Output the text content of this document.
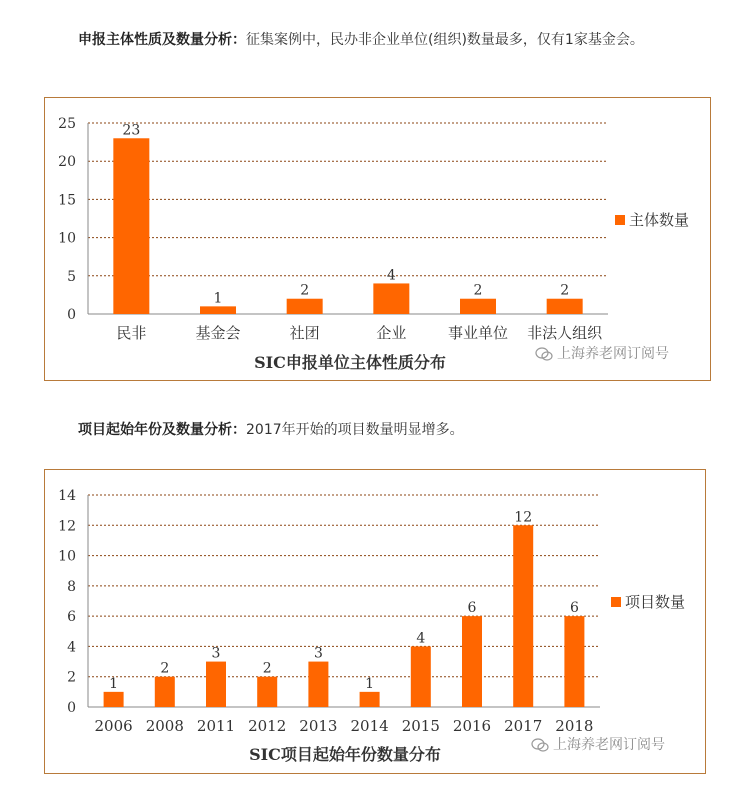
申报主体性质及数量分析：征集案例中，民办非企业单位(组织)数量最多，仅有1家基金会。
0
5
10
15
20
25	23
民非
1
基金会
2
社团
4
企业
2
事业单位
2
非法人组织
SIC申报单位主体性质分布
主体数量
上海养老网订阅号
项目起始年份及数量分析：2017年开始的项目数量明显增多。
0
2
4
6
8
10
12
14
1
2006
2
2008
3
2011
2
2012
3
2013
1
2014
4
2015
6
2016
12
2017
6
2018
SIC项目起始年份数量分布
项目数量
上海养老网订阅号
